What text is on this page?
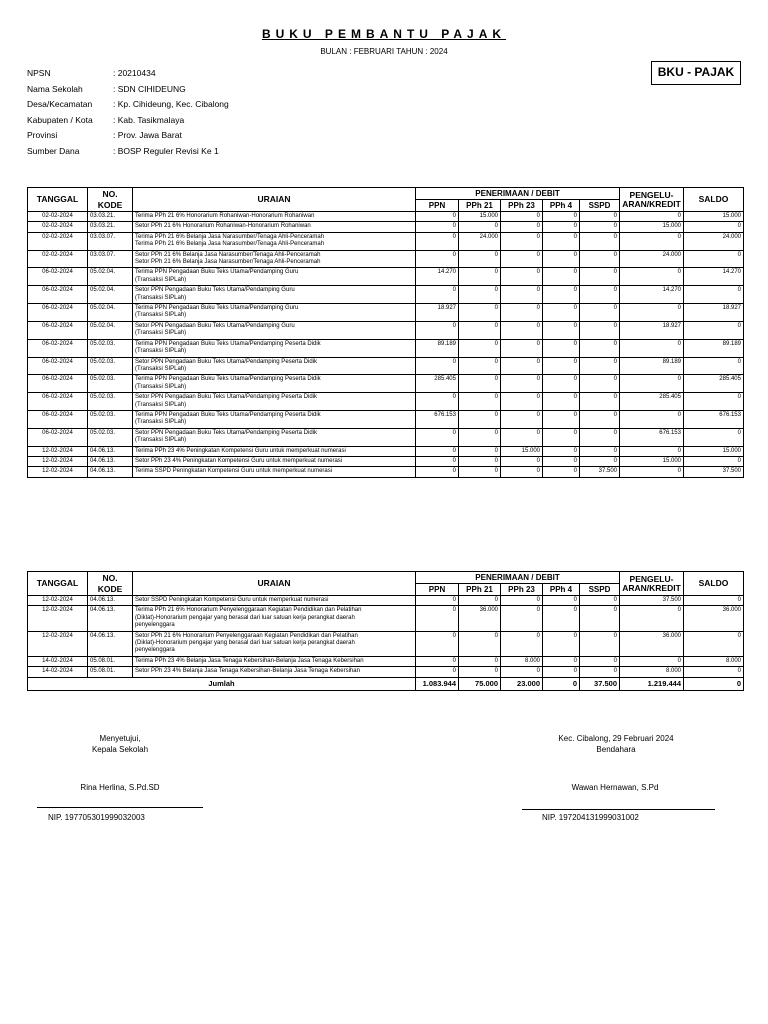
BUKU PEMBANTU PAJAK
BULAN : FEBRUARI TAHUN : 2024
BKU - PAJAK
NPSN	: 20210434
Nama Sekolah	: SDN CIHIDEUNG
Desa/Kecamatan	: Kp. Cihideung, Kec. Cibalong
Kabupaten / Kota	: Kab. Tasikmalaya
Provinsi	: Prov. Jawa Barat
Sumber Dana	: BOSP Reguler Revisi Ke 1
TANGGAL	NO. KODE	URAIAN	PENERIMAAN / DEBIT					PENGELU-
ARAN/KREDIT	SALDO
			PPN	PPh 21	PPh 23	PPh 4	SSPD		
02-02-2024	03.03.21.	Terima PPh 21 6% Honorarium Rohaniwan-Honorarium Rohaniwan	0	15.000	0	0	0	0	15.000
02-02-2024	03.03.21.	Setor PPh 21 6% Honorarium Rohaniwan-Honorarium Rohaniwan	0	0	0	0	0	15.000	0
02-02-2024	03.03.07.	Terima PPh 21 6% Belanja Jasa Narasumber/Tenaga Ahli-Penceramah
Terima PPh 21 6% Belanja Jasa Narasumber/Tenaga Ahli-Penceramah	0	24.000	0	0	0	0	24.000
02-02-2024	03.03.07.	Setor PPh 21 6% Belanja Jasa Narasumber/Tenaga Ahli-Penceramah
Setor PPh 21 6% Belanja Jasa Narasumber/Tenaga Ahli-Penceramah	0	0	0	0	0	24.000	0
06-02-2024	05.02.04.	Terima PPN Pengadaan Buku Teks Utama/Pendamping Guru
(Transaksi SIPLah)	14.270	0	0	0	0	0	14.270
06-02-2024	05.02.04.	Setor PPN Pengadaan Buku Teks Utama/Pendamping Guru
(Transaksi SIPLah)	0	0	0	0	0	14.270	0
06-02-2024	05.02.04.	Terima PPN Pengadaan Buku Teks Utama/Pendamping Guru
(Transaksi SIPLah)	18.927	0	0	0	0	0	18.927
06-02-2024	05.02.04.	Setor PPN Pengadaan Buku Teks Utama/Pendamping Guru
(Transaksi SIPLah)	0	0	0	0	0	18.927	0
06-02-2024	05.02.03.	Terima PPN Pengadaan Buku Teks Utama/Pendamping Peserta Didik
(Transaksi SIPLah)	89.189	0	0	0	0	0	89.189
06-02-2024	05.02.03.	Setor PPN Pengadaan Buku Teks Utama/Pendamping Peserta Didik
(Transaksi SIPLah)	0	0	0	0	0	89.189	0
06-02-2024	05.02.03.	Terima PPN Pengadaan Buku Teks Utama/Pendamping Peserta Didik
(Transaksi SIPLah)	285.405	0	0	0	0	0	285.405
06-02-2024	05.02.03.	Setor PPN Pengadaan Buku Teks Utama/Pendamping Peserta Didik
(Transaksi SIPLah)	0	0	0	0	0	285.405	0
06-02-2024	05.02.03.	Terima PPN Pengadaan Buku Teks Utama/Pendamping Peserta Didik
(Transaksi SIPLah)	676.153	0	0	0	0	0	676.153
06-02-2024	05.02.03.	Setor PPN Pengadaan Buku Teks Utama/Pendamping Peserta Didik
(Transaksi SIPLah)	0	0	0	0	0	676.153	0
12-02-2024	04.06.13.	Terima PPh 23 4% Peningkatan Kompetensi Guru untuk memperkuat numerasi	0	0	15.000	0	0	0	15.000
12-02-2024	04.06.13.	Setor PPh 23 4% Peningkatan Kompetensi Guru untuk memperkuat numerasi	0	0	0	0	0	15.000	0
12-02-2024	04.06.13.	Terima SSPD Peningkatan Kompetensi Guru untuk memperkuat numerasi	0	0	0	0	37.500	0	37.500
TANGGAL	NO. KODE	URAIAN	PENERIMAAN / DEBIT					PENGELU-
ARAN/KREDIT	SALDO
			PPN	PPh 21	PPh 23	PPh 4	SSPD		
12-02-2024	04.06.13.	Setor SSPD Peningkatan Kompetensi Guru untuk memperkuat numerasi	0	0	0	0	0	37.500	0
12-02-2024	04.06.13.	Terima PPh 21 6% Honorarium Penyelenggaraan Kegiatan Pendidikan dan Pelatihan
(Diklat)-Honorarium pengajar yang berasal dari luar satuan kerja perangkat daerah
penyelenggara	0	36.000	0	0	0	0	36.000
12-02-2024	04.06.13.	Setor PPh 21 6% Honorarium Penyelenggaraan Kegiatan Pendidikan dan Pelatihan
(Diklat)-Honorarium pengajar yang berasal dari luar satuan kerja perangkat daerah
penyelenggara	0	0	0	0	0	36.000	0
14-02-2024	05.08.01.	Terima PPh 23 4% Belanja Jasa Tenaga Kebersihan-Belanja Jasa Tenaga Kebersihan	0	0	8.000	0	0	0	8.000
14-02-2024	05.08.01.	Setor PPh 23 4% Belanja Jasa Tenaga Kebersihan-Belanja Jasa Tenaga Kebersihan	0	0	0	0	0	8.000	0
Jumlah			1.083.944	75.000	23.000	0	37.500	1.219.444	0
Menyetujui,
Kepala Sekolah
Rina Herlina, S.Pd.SD
NIP. 197705301999032003
Kec. Cibalong, 29 Februari 2024
Bendahara
Wawan Hernawan, S.Pd
NIP. 197204131999031002
